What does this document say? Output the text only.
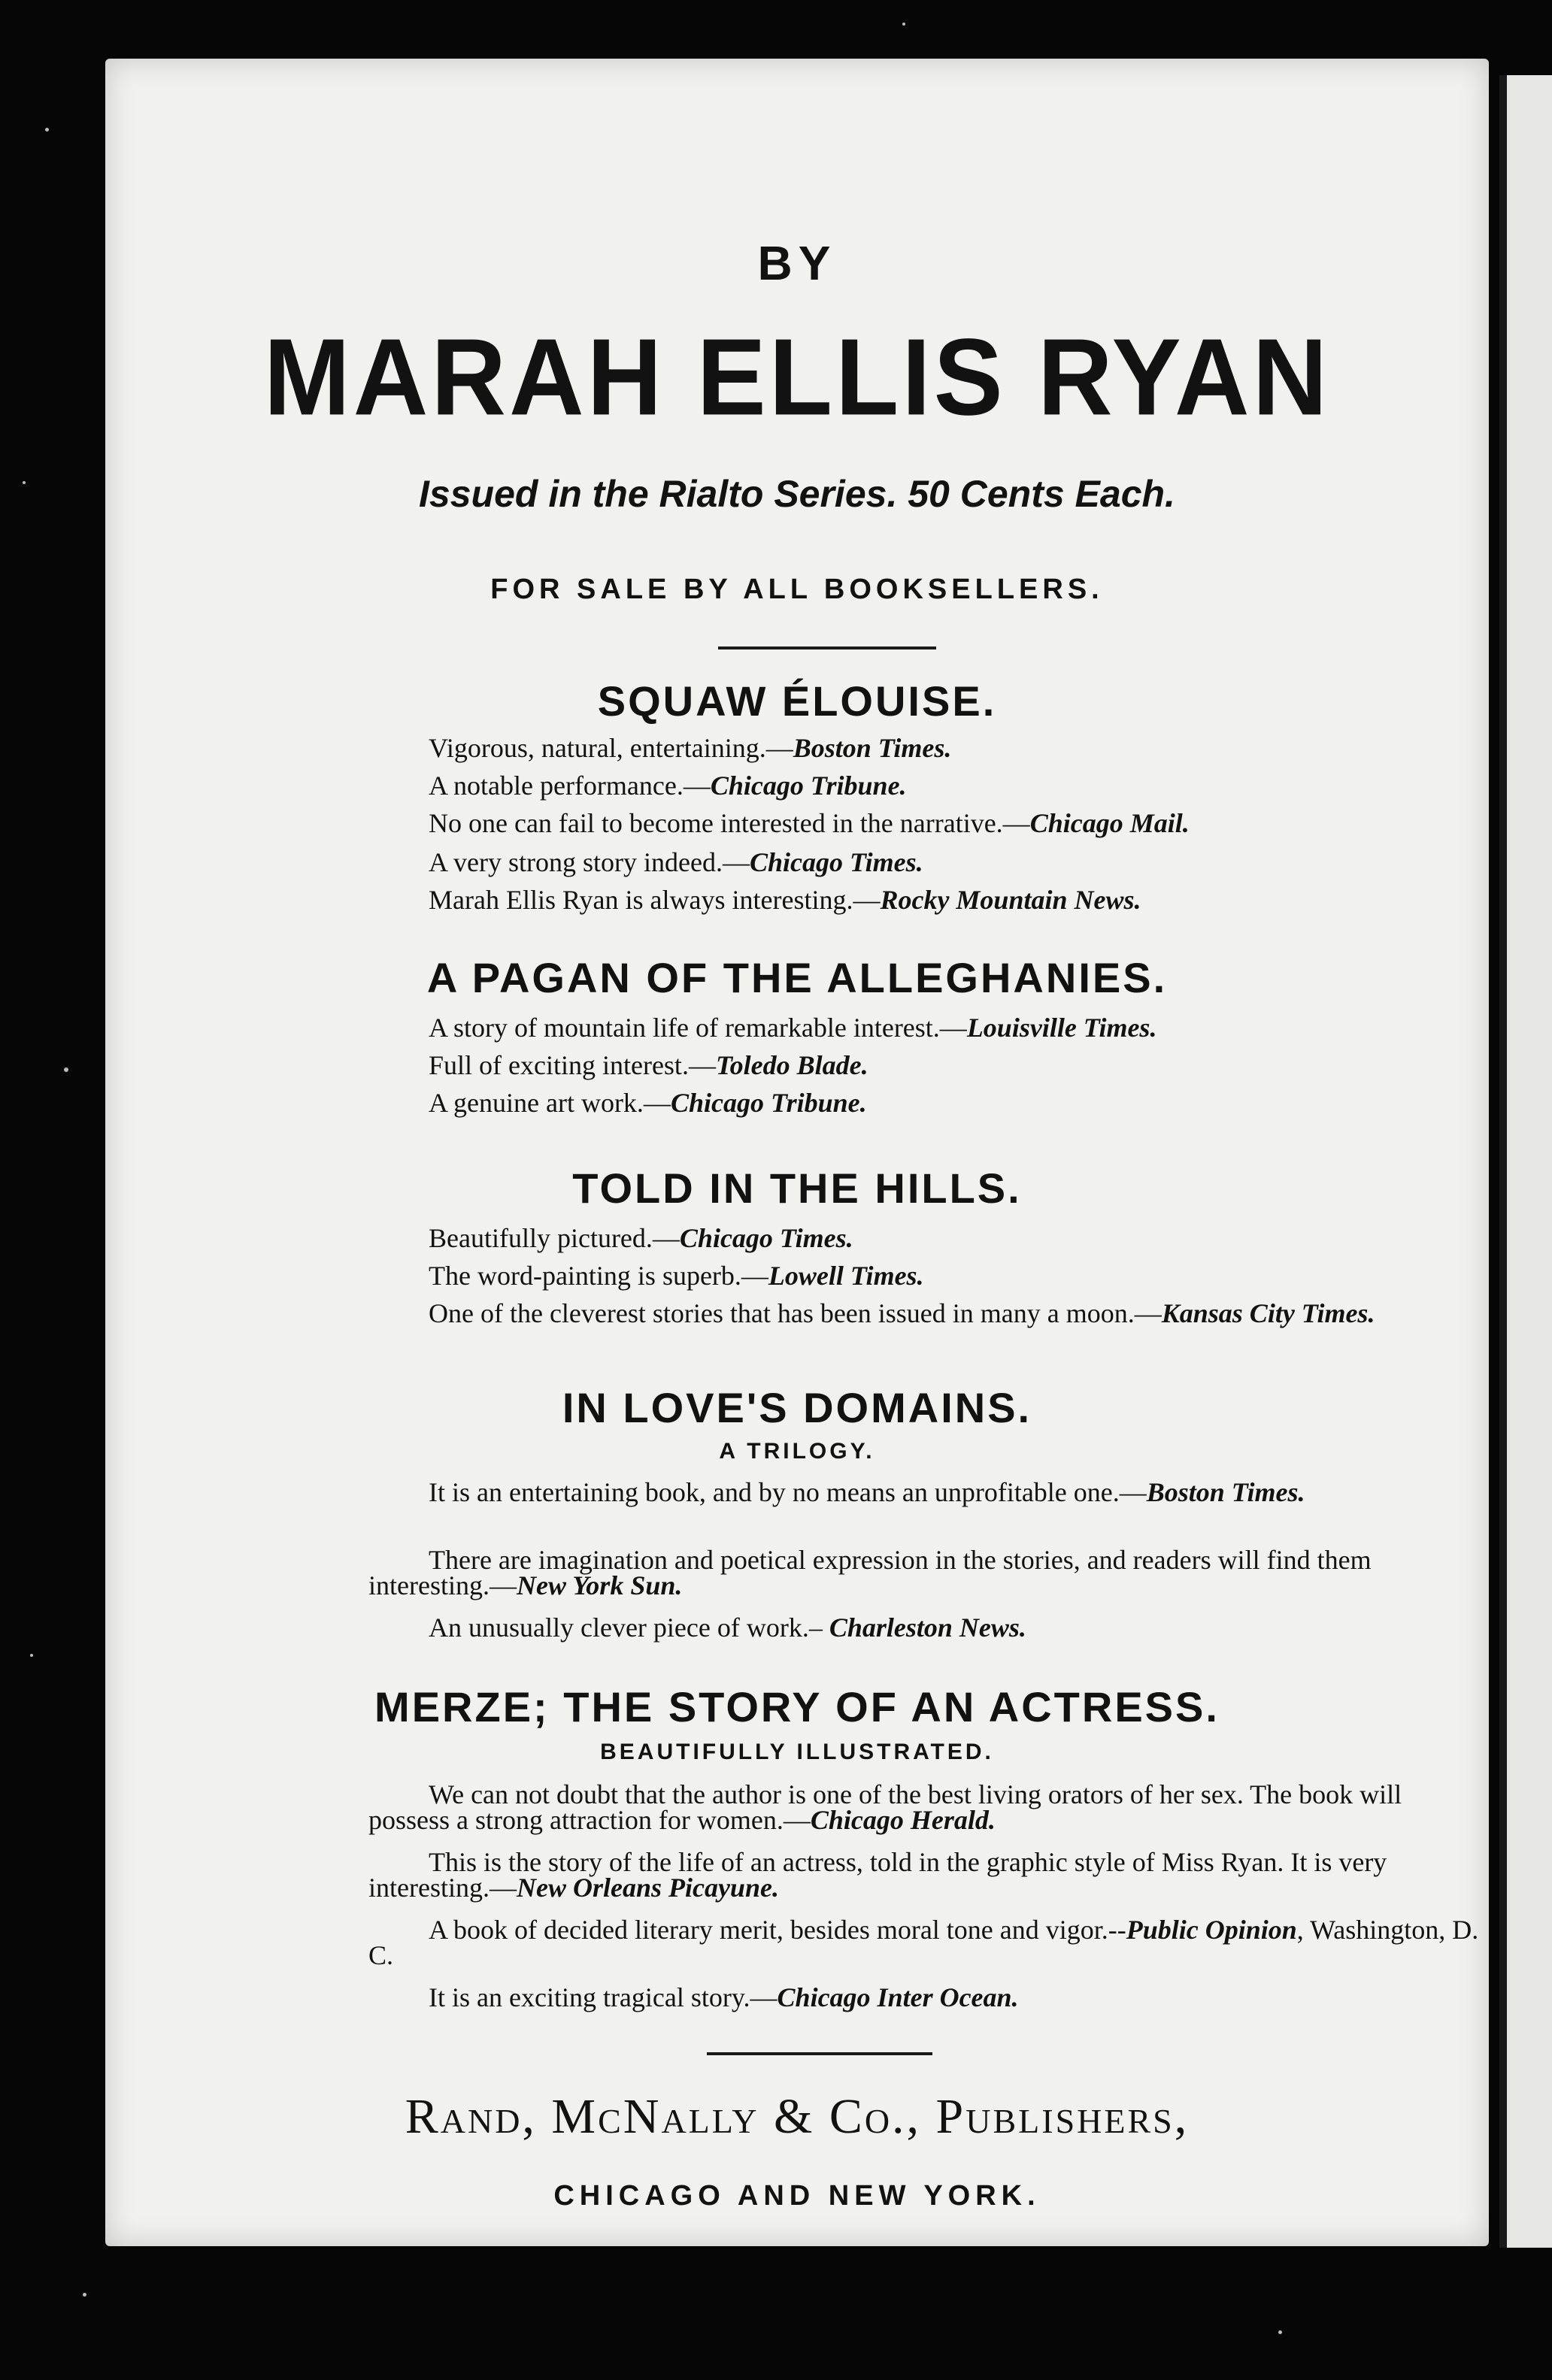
BY
MARAH ELLIS RYAN
Issued in the Rialto Series. 50 Cents Each.
FOR SALE BY ALL BOOKSELLERS.
SQUAW ÉLOUISE.
Vigorous, natural, entertaining.—Boston Times.
A notable performance.—Chicago Tribune.
No one can fail to become interested in the narrative.—Chicago Mail.
A very strong story indeed.—Chicago Times.
Marah Ellis Ryan is always interesting.—Rocky Mountain News.
A PAGAN OF THE ALLEGHANIES.
A story of mountain life of remarkable interest.—Louisville Times.
Full of exciting interest.—Toledo Blade.
A genuine art work.—Chicago Tribune.
TOLD IN THE HILLS.
Beautifully pictured.—Chicago Times.
The word-painting is superb.—Lowell Times.
One of the cleverest stories that has been issued in many a moon.—Kansas City Times.
IN LOVE'S DOMAINS.
A TRILOGY.
It is an entertaining book, and by no means an unprofitable one.—Boston Times.
There are imagination and poetical expression in the stories, and readers will find them interesting.—New York Sun.
An unusually clever piece of work.– Charleston News.
MERZE; THE STORY OF AN ACTRESS.
BEAUTIFULLY ILLUSTRATED.
We can not doubt that the author is one of the best living orators of her sex. The book will possess a strong attraction for women.—Chicago Herald.
This is the story of the life of an actress, told in the graphic style of Miss Ryan. It is very interesting.—New Orleans Picayune.
A book of decided literary merit, besides moral tone and vigor.--Public Opinion, Washington, D. C.
It is an exciting tragical story.—Chicago Inter Ocean.
Rand, McNally & Co., Publishers,
CHICAGO AND NEW YORK.
